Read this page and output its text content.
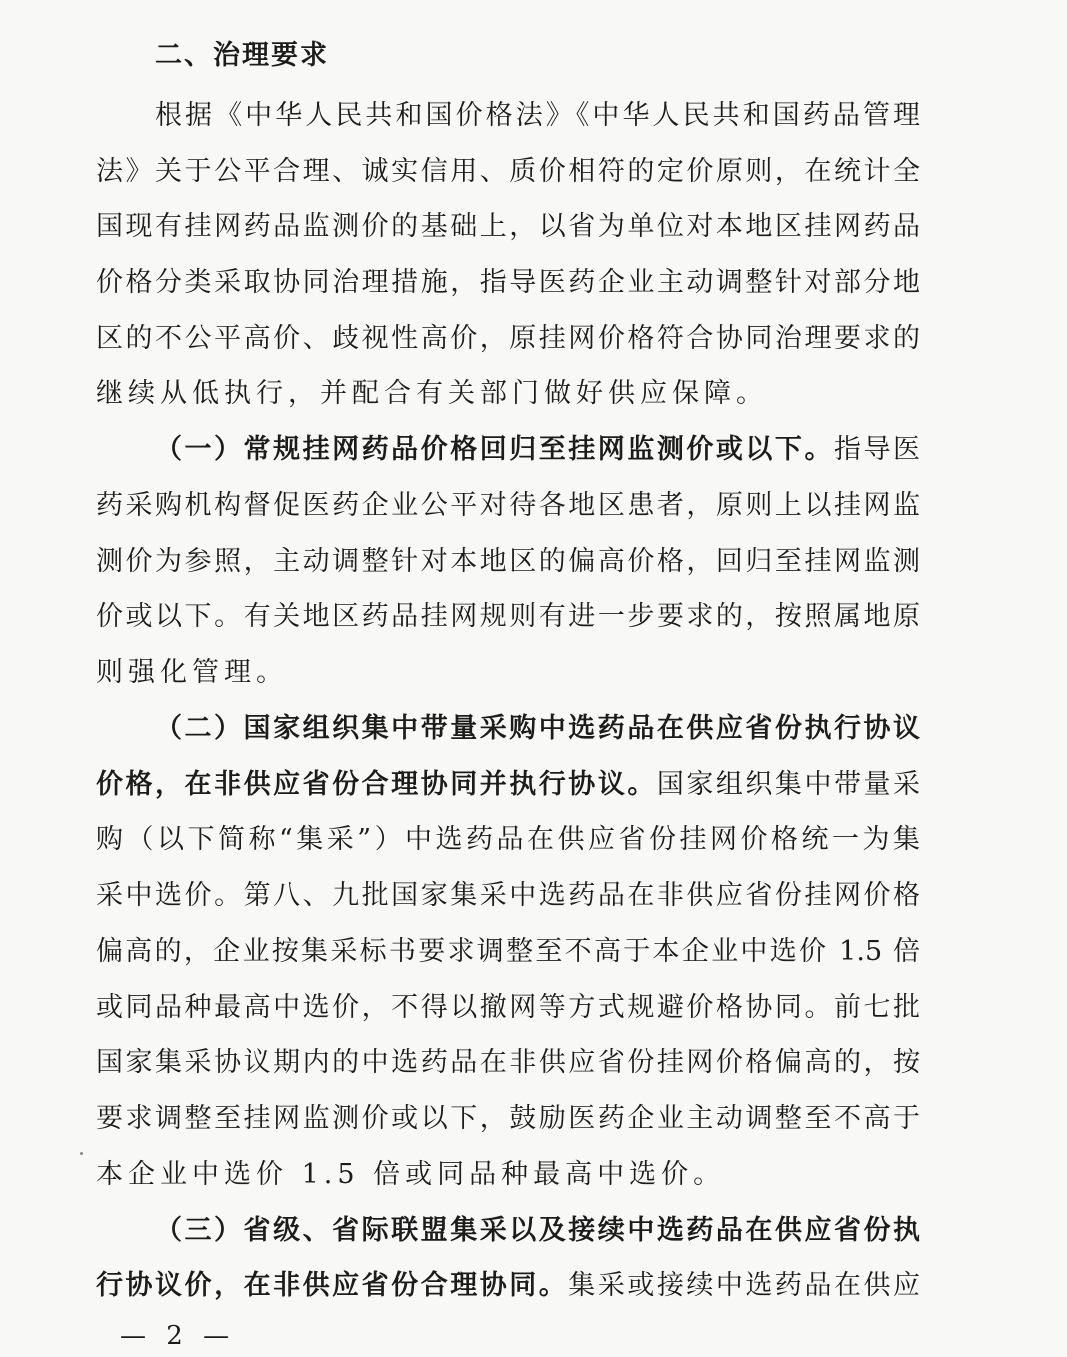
二、治理要求
根据《中华人民共和国价格法》《中华人民共和国药品管理
法》关于公平合理、诚实信用、质价相符的定价原则，在统计全
国现有挂网药品监测价的基础上，以省为单位对本地区挂网药品
价格分类采取协同治理措施，指导医药企业主动调整针对部分地
区的不公平高价、歧视性高价，原挂网价格符合协同治理要求的
继续从低执行，并配合有关部门做好供应保障。
（一）常规挂网药品价格回归至挂网监测价或以下。指导医
药采购机构督促医药企业公平对待各地区患者，原则上以挂网监
测价为参照，主动调整针对本地区的偏高价格，回归至挂网监测
价或以下。有关地区药品挂网规则有进一步要求的，按照属地原
则强化管理。
（二）国家组织集中带量采购中选药品在供应省份执行协议
价格，在非供应省份合理协同并执行协议。国家组织集中带量采
购（以下简称“集采”）中选药品在供应省份挂网价格统一为集
采中选价。第八、九批国家集采中选药品在非供应省份挂网价格
偏高的，企业按集采标书要求调整至不高于本企业中选价 1.5 倍
或同品种最高中选价，不得以撤网等方式规避价格协同。前七批
国家集采协议期内的中选药品在非供应省份挂网价格偏高的，按
要求调整至挂网监测价或以下，鼓励医药企业主动调整至不高于
本企业中选价 1.5 倍或同品种最高中选价。
（三）省级、省际联盟集采以及接续中选药品在供应省份执
行协议价，在非供应省份合理协同。集采或接续中选药品在供应
— 2 —
